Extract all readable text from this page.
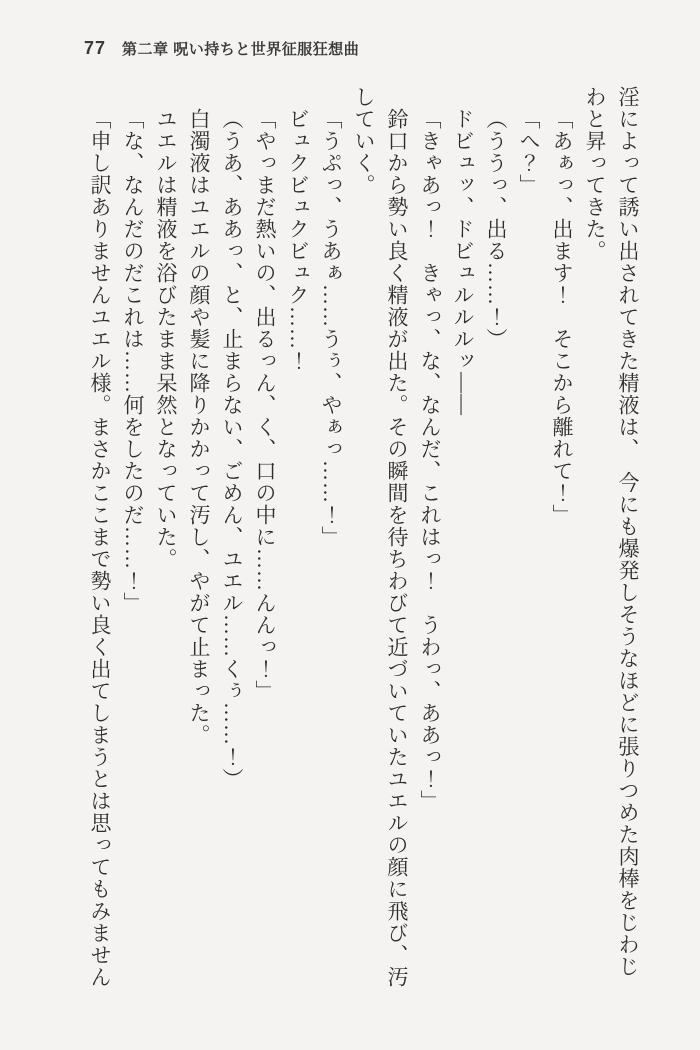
77 第二章 呪い持ちと世界征服狂想曲

淫によって誘い出されてきた精液は、　今にも爆発しそうなほどに張りつめた肉棒をじわじわと昇ってきた。

「あぁっ、出ます！　そこから離れて！」

「へ？」

（ううっ、出る……！）

ドビュッ、ドビュルルルッ――

「きゃあっ！　きゃっ、な、なんだ、これはっ！　うわっ、ああっ！」

鈴口から勢い良く精液が出た。その瞬間を待ちわびて近づいていたユエルの顔に飛び、汚していく。

「うぷっ、うあぁ……うぅ、やぁっ……！」

ビュクビュクビュク……！

「やっまだ熱いの、出るっん、く、口の中に……んんっ！」

（うあ、ああっ、と、止まらない、ごめん、ユエル……くぅ……！）

白濁液はユエルの顔や髪に降りかかって汚し、やがて止まった。

ユエルは精液を浴びたまま呆然となっていた。

「な、なんだのだこれは……何をしたのだ……！」

「申し訳ありませんユエル様。まさかここまで勢い良く出てしまうとは思ってもみません
